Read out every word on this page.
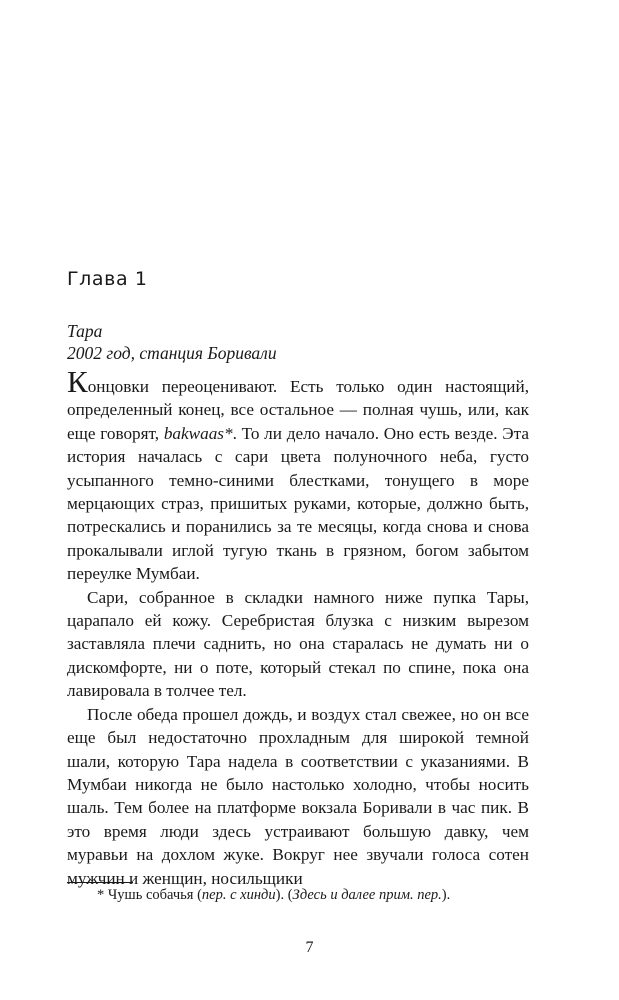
Глава 1
Тара
2002 год, станция Боривали

Концовки переоценивают. Есть только один настоящий, определенный конец, все остальное — полная чушь, или, как еще говорят, bakwaas*. То ли дело начало. Оно есть везде. Эта история началась с сари цвета полуночного неба, густо усыпанного темно-синими блестками, тонущего в море мерцающих страз, пришитых руками, которые, должно быть, потрескались и поранились за те месяцы, когда снова и снова прокалывали иглой тугую ткань в грязном, богом забытом переулке Мумбаи.

Сари, собранное в складки намного ниже пупка Тары, царапало ей кожу. Серебристая блузка с низким вырезом заставляла плечи саднить, но она старалась не думать ни о дискомфорте, ни о поте, который стекал по спине, пока она лавировала в толчее тел.

После обеда прошел дождь, и воздух стал свежее, но он все еще был недостаточно прохладным для широкой темной шали, которую Тара надела в соответствии с указаниями. В Мумбаи никогда не было настолько холодно, чтобы носить шаль. Тем более на платформе вокзала Боривали в час пик. В это время люди здесь устраивают большую давку, чем муравьи на дохлом жуке. Вокруг нее звучали голоса сотен мужчин и женщин, носильщики

* Чушь собачья (пер. с хинди). (Здесь и далее прим. пер.).
7
